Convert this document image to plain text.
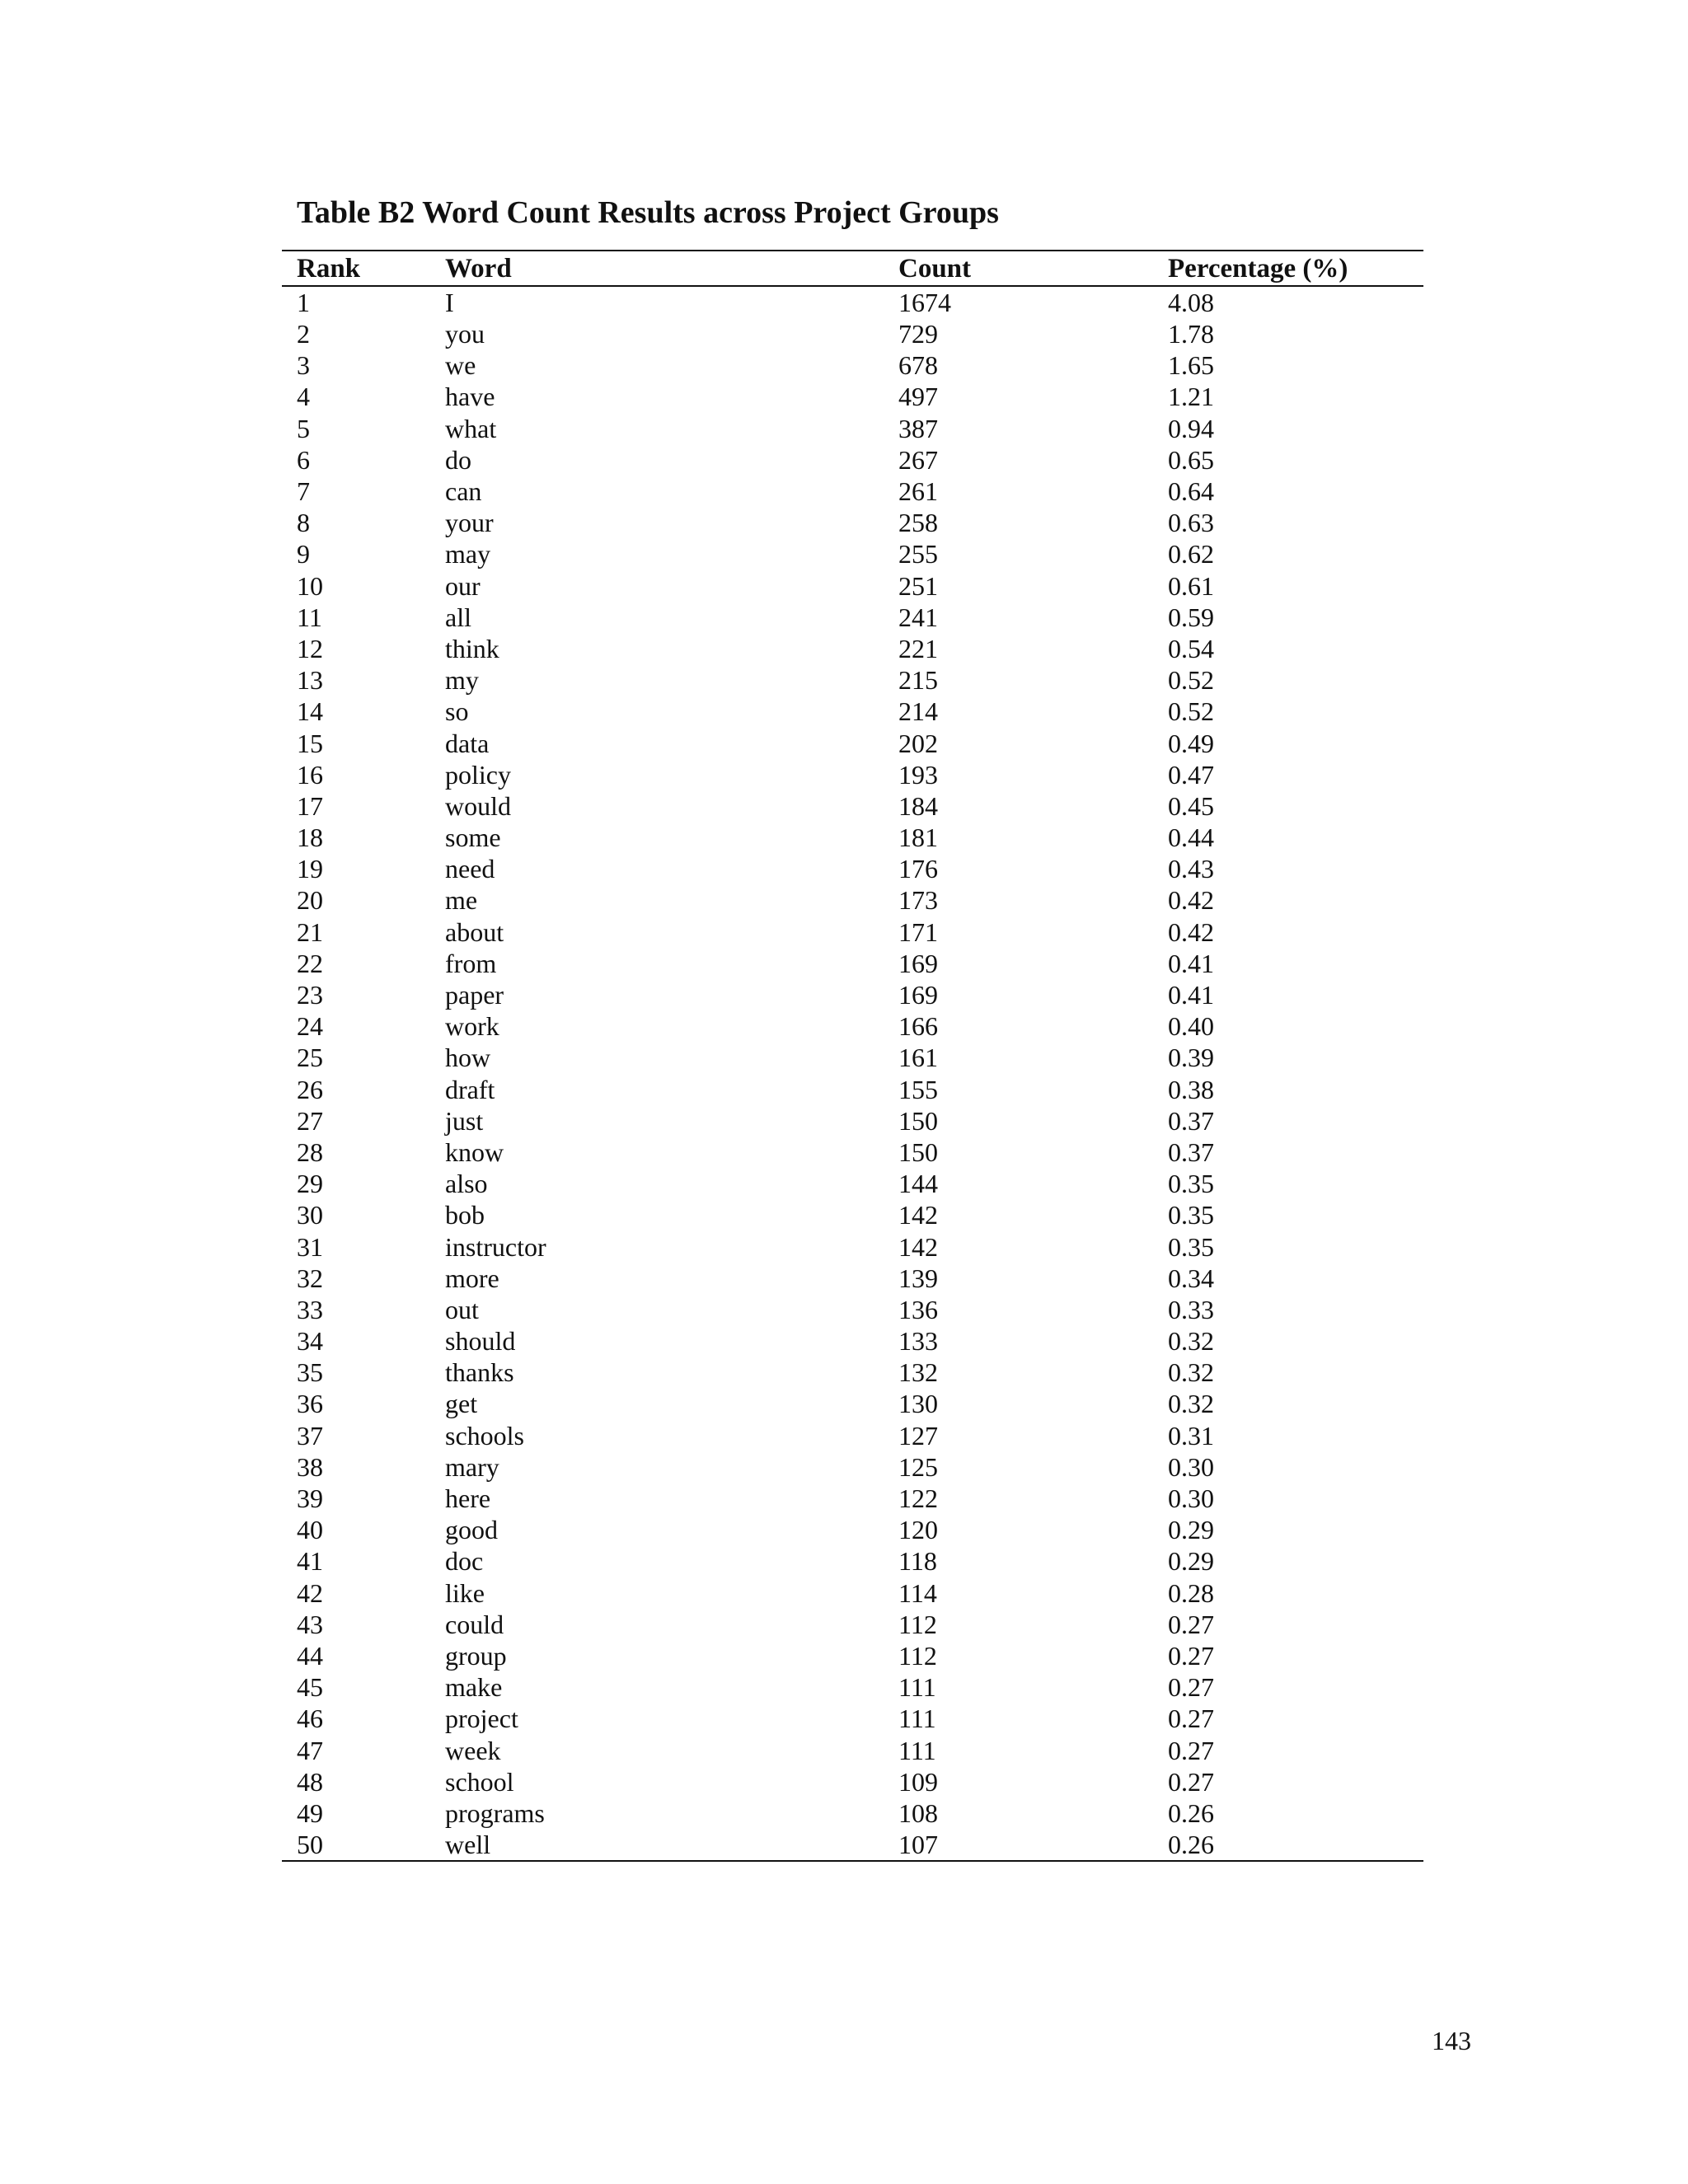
Table B2 Word Count Results across Project Groups
Rank	Word	Count	Percentage (%)
1	I	1674	4.08
2	you	729	1.78
3	we	678	1.65
4	have	497	1.21
5	what	387	0.94
6	do	267	0.65
7	can	261	0.64
8	your	258	0.63
9	may	255	0.62
10	our	251	0.61
11	all	241	0.59
12	think	221	0.54
13	my	215	0.52
14	so	214	0.52
15	data	202	0.49
16	policy	193	0.47
17	would	184	0.45
18	some	181	0.44
19	need	176	0.43
20	me	173	0.42
21	about	171	0.42
22	from	169	0.41
23	paper	169	0.41
24	work	166	0.40
25	how	161	0.39
26	draft	155	0.38
27	just	150	0.37
28	know	150	0.37
29	also	144	0.35
30	bob	142	0.35
31	instructor	142	0.35
32	more	139	0.34
33	out	136	0.33
34	should	133	0.32
35	thanks	132	0.32
36	get	130	0.32
37	schools	127	0.31
38	mary	125	0.30
39	here	122	0.30
40	good	120	0.29
41	doc	118	0.29
42	like	114	0.28
43	could	112	0.27
44	group	112	0.27
45	make	111	0.27
46	project	111	0.27
47	week	111	0.27
48	school	109	0.27
49	programs	108	0.26
50	well	107	0.26
143
